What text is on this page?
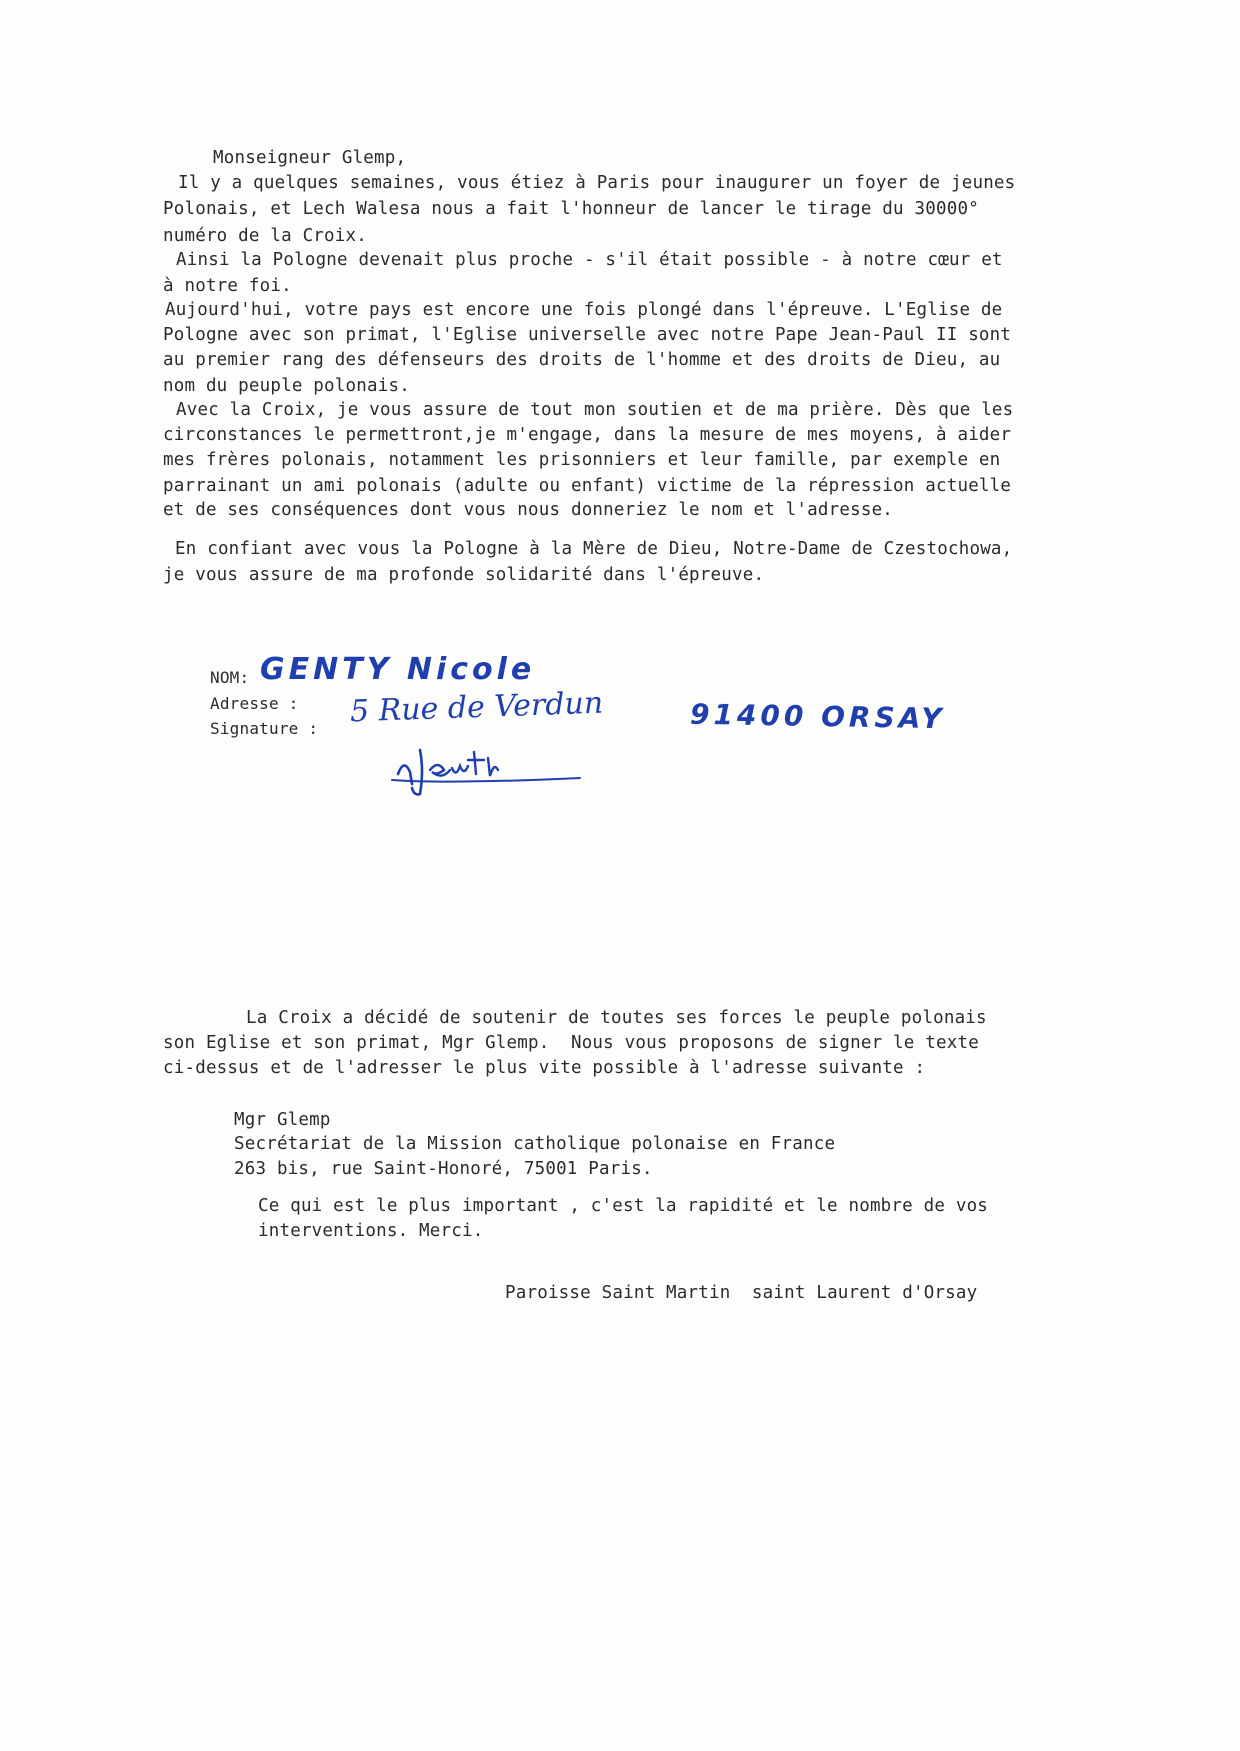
Monseigneur Glemp,
Il y a quelques semaines, vous étiez à Paris pour inaugurer un foyer de jeunes
Polonais, et Lech Walesa nous a fait l'honneur de lancer le tirage du 30000°
numéro de la Croix.
Ainsi la Pologne devenait plus proche - s'il était possible - à notre cœur et
à notre foi.
Aujourd'hui, votre pays est encore une fois plongé dans l'épreuve. L'Eglise de
Pologne avec son primat, l'Eglise universelle avec notre Pape Jean-Paul II sont
au premier rang des défenseurs des droits de l'homme et des droits de Dieu, au
nom du peuple polonais.
Avec la Croix, je vous assure de tout mon soutien et de ma prière. Dès que les
circonstances le permettront,je m'engage, dans la mesure de mes moyens, à aider
mes frères polonais, notamment les prisonniers et leur famille, par exemple en
parrainant un ami polonais (adulte ou enfant) victime de la répression actuelle
et de ses conséquences dont vous nous donneriez le nom et l'adresse.
En confiant avec vous la Pologne à la Mère de Dieu, Notre-Dame de Czestochowa,
je vous assure de ma profonde solidarité dans l'épreuve.
NOM:
Adresse :
Signature :
GENTY Nicole
5 Rue de Verdun	91400 ORSAY
La Croix a décidé de soutenir de toutes ses forces le peuple polonais
son Eglise et son primat, Mgr Glemp.  Nous vous proposons de signer le texte
ci-dessus et de l'adresser le plus vite possible à l'adresse suivante :
Mgr Glemp
Secrétariat de la Mission catholique polonaise en France
263 bis, rue Saint-Honoré, 75001 Paris.
Ce qui est le plus important , c'est la rapidité et le nombre de vos
interventions. Merci.
Paroisse Saint Martin  saint Laurent d'Orsay
